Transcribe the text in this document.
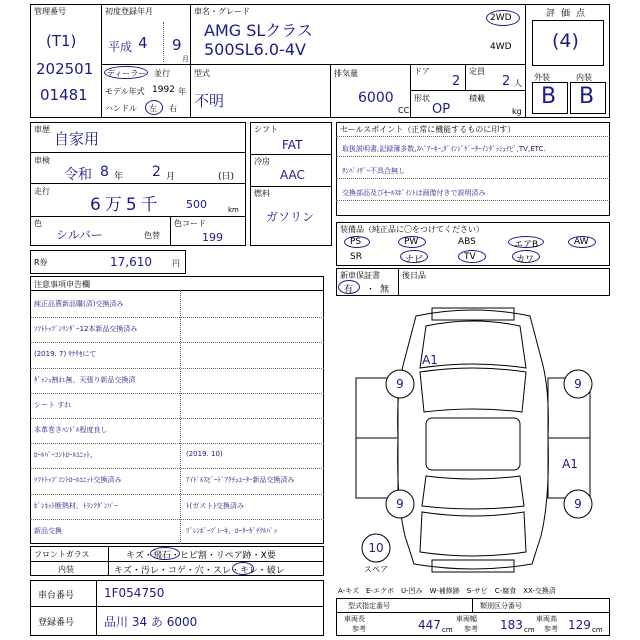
管理番号
(T1)
202501
01481
初度登録年月
平成 4 9
月
ディーラー 並行
モデル年式 1992 年
ハンドル 左 右
車名・グレード
AMG SLクラス
500SL6.0-4V
2WD
4WD
型式
不明
排気量
6000
CC
ドア
2
定員
2 人
形状
OP
積載
kg
評価点
(4)
外装	内装
B B
車歴
自家用
車検
令和 8 年 2 月	(日)
走行
6万5千 500	km
色
シルバー	色替
色コード
199
シフト
FAT
冷房
AAC
燃料
ガソリン
R券	17,610	円
セールスポイント（正常に機能するものに印す）
取扱説明書,記録簿多数,ｽﾍﾟｱｰｷｰ,ﾀﾞｲﾝｼﾞｹﾞｰﾀｰｲﾝﾀﾞｯｼｭﾅﾋﾞ,TV,ETC.
ｻﾝﾊﾞｲｻﾞｰ不具合無し
交換部品及びｾｰﾙｽﾎﾟｲﾝﾄは画像付きで説明済み
装備品（純正品に〇をつけてください）
PS	PW	ABS	エアB	AW
SR	ナビ	TV	カワ
新車保証書
有 ・ 無
後日品
注意事項申告欄
純正品貰新品購(済)交換済み
ｿﾌﾄﾄｯﾌﾟｼﾘﾝﾀﾞｰ12本新品交換済み
(2019. 7) ｻｹｻｾにて
ﾀﾞｯｼｭ割れ無、天張り新品交換済
シート すれ
本革巻きﾊﾝﾄﾞﾙ程度良し
ﾛｰﾙﾊﾞｰｺﾝﾄﾛｰﾙﾕﾆｯﾄ、	(2019. 10)
ｿﾌﾄﾄｯﾌﾟｺﾝﾄﾛｰﾙﾕﾆｯﾄ交換済み	ｱｲﾄﾞﾙｽﾋﾟｰﾄﾞｱｸﾁｭｴｰﾀｰ新品交換済み
ﾎﾞﾝﾈｯﾄ断熱材、ﾄﾗﾝｸﾀﾞﾝﾊﾟｰ	ﾄ(ガスト)交換済み
新品交換	ﾌﾞﾚﾝﾎﾞｰﾌﾞﾚｰｷ、ﾛｰﾀｰｶﾞﾃｸﾙﾊﾟｯ
フロントガラス	キズ・飛石・ヒビ割・リペア跡・X要
内装	キズ・汚レ・コゲ・穴・スレ・キレ・破レ
車台番号 1F054750
登録番号 品川 34 あ 6000
9	9
9	9
10
A1
A1
スペア
A-キズ　E-エクボ　U-凹み　W-補修跡　S-サビ　C-腐食　XX-交換済
型式指定番号	類別区分番号
車両長
参考	447 cm
車両幅
参考 183 cm
車両高
参考 129 cm
